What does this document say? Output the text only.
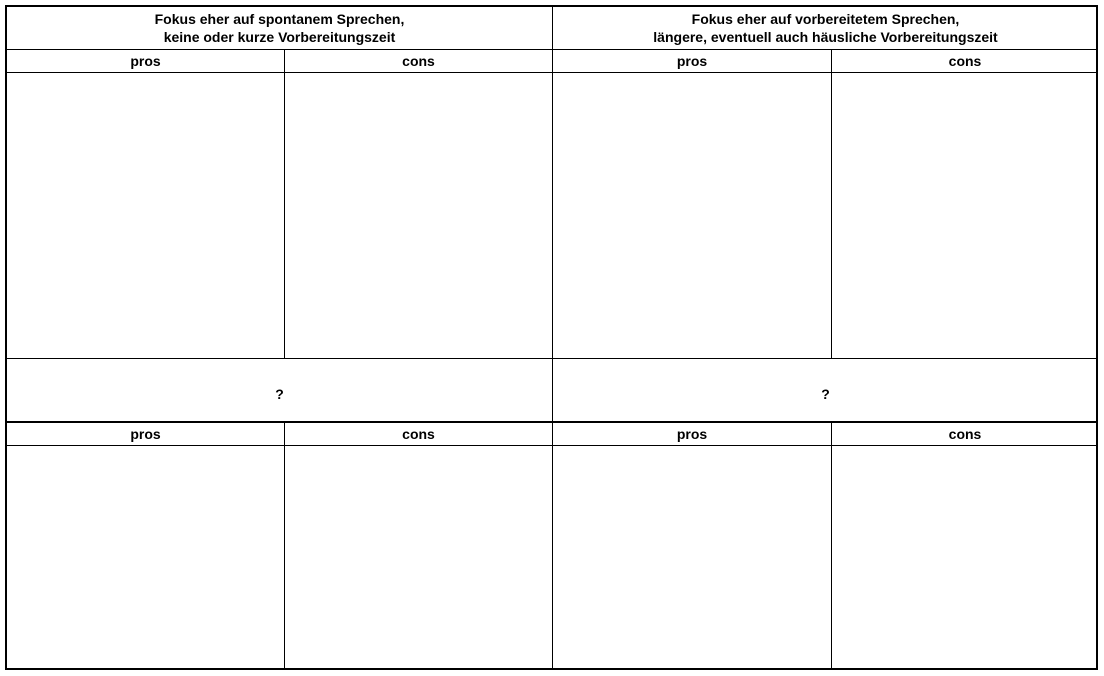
Fokus eher auf spontanem Sprechen,
keine oder kurze Vorbereitungszeit
Fokus eher auf vorbereitetem Sprechen,
längere, eventuell auch häusliche Vorbereitungszeit
pros	cons	pros	cons
?	?
pros	cons	pros	cons
